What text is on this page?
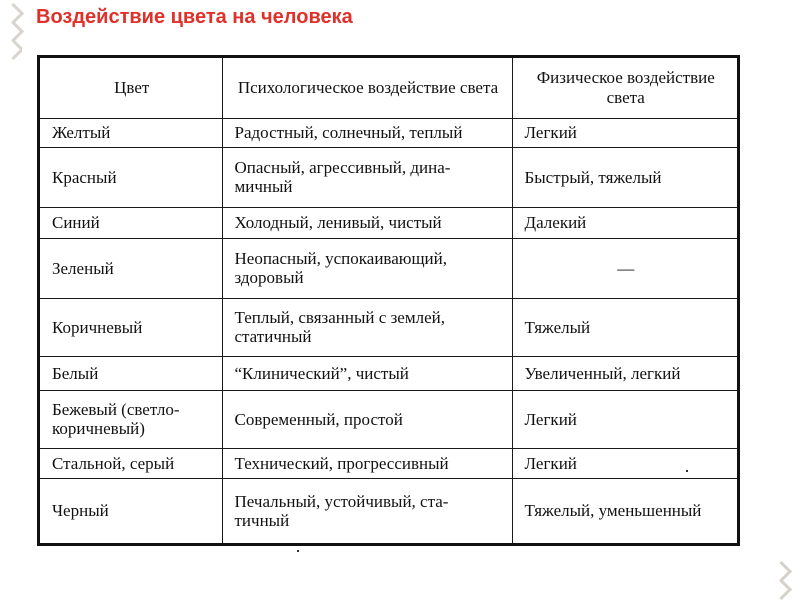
Воздействие цвета на человека
Цвет	Психологическое воздействие света	Физическое воздействие света
Желтый	Радостный, солнечный, теплый	Легкий
Красный	Опасный, агрессивный, дина-мичный	Быстрый, тяжелый
Синий	Холодный, ленивый, чистый	Далекий
Зеленый	Неопасный, успокаивающий, здоровый	—
Коричневый	Теплый, связанный с землей, статичный	Тяжелый
Белый	“Клинический”, чистый	Увеличенный, легкий
Бежевый (светло-коричневый)	Современный, простой	Легкий
Стальной, серый	Технический, прогрессивный	Легкий
Черный	Печальный, устойчивый, ста-тичный	Тяжелый, уменьшенный
